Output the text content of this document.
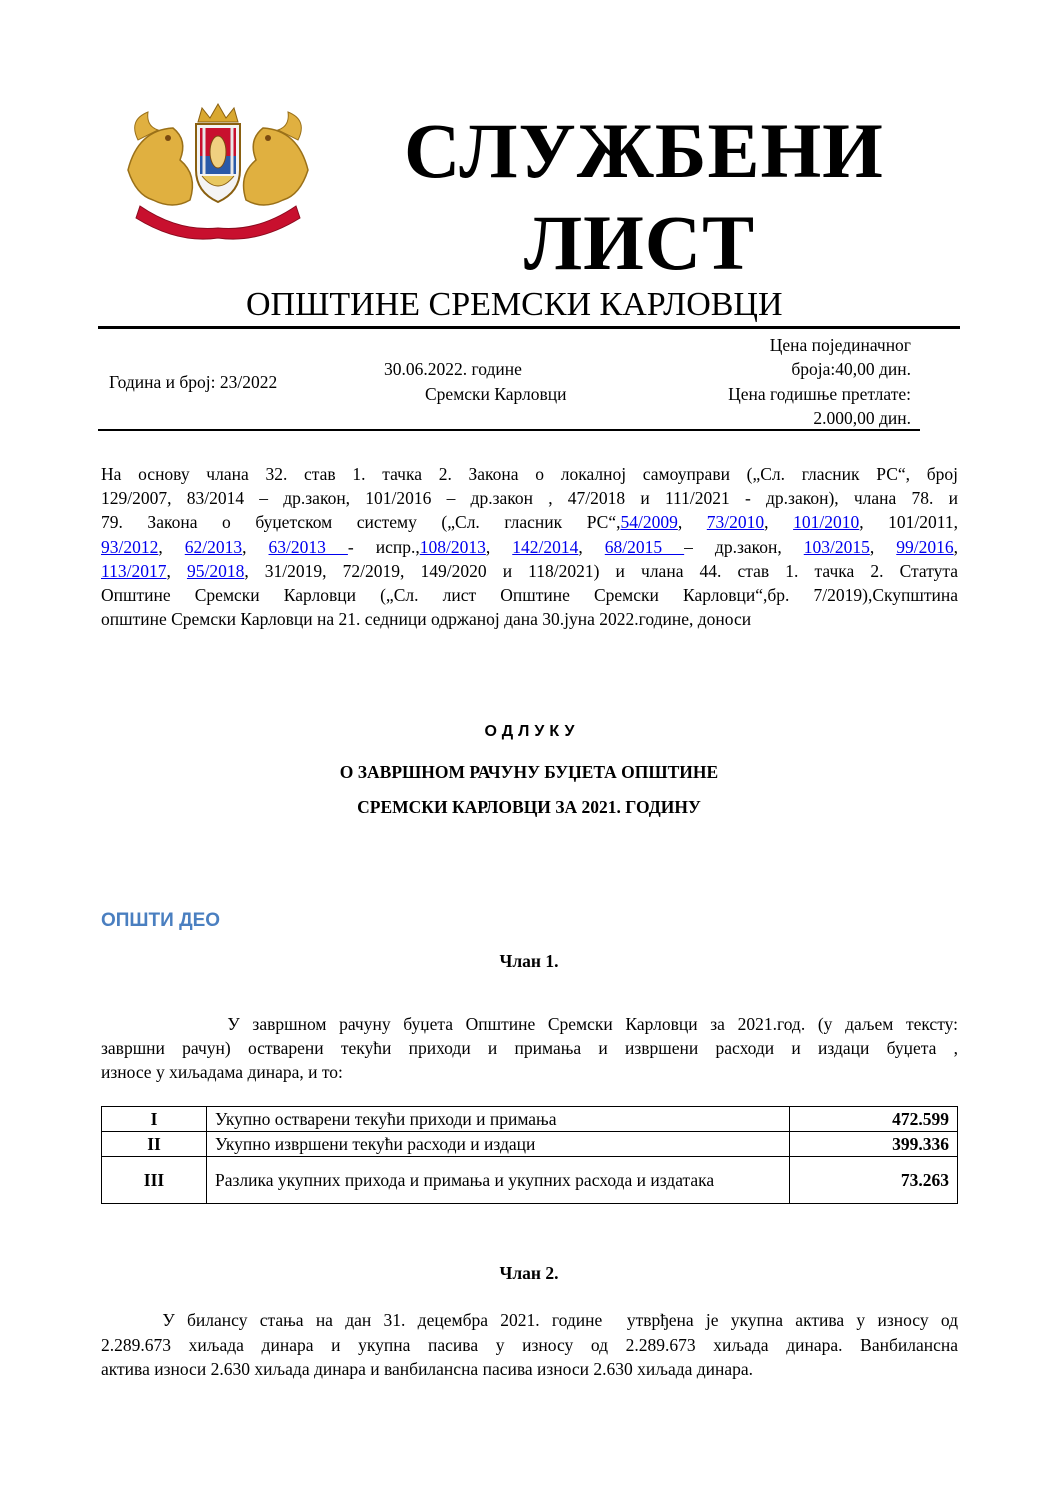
СЛУЖБЕНИ
ЛИСТ
ОПШТИНЕ СРЕМСКИ КАРЛОВЦИ
Година и број: 23/2022
30.06.2022. године
Сремски Карловци
Цена појединачног
броја:40,00 дин.
Цена годишње претлате:
2.000,00 дин.
На основу члана 32. став 1. тачка 2. Закона о локалној самоуправи („Сл. гласник РС“, број
129/2007, 83/2014 – др.закон, 101/2016 – др.закон , 47/2018 и 111/2021 - др.закон), члана 78. и
79. Закона о буџетском систему („Сл. гласник РС“,54/2009, 73/2010, 101/2010, 101/2011,
93/2012, 62/2013, 63/2013 - испр.,108/2013, 142/2014, 68/2015 – др.закон, 103/2015, 99/2016,
113/2017, 95/2018, 31/2019, 72/2019, 149/2020 и 118/2021) и члана 44. став 1. тачка 2. Статута
Општине Сремски Карловци („Сл. лист Општине Сремски Карловци“,бр. 7/2019),Скупштина
општине Сремски Карловци на 21. седници одржаној дана 30.јуна 2022.године, доноси
ОДЛУКУ
О ЗАВРШНОМ РАЧУНУ БУЏЕТА ОПШТИНЕ
СРЕМСКИ КАРЛОВЦИ ЗА 2021. ГОДИНУ
ОПШТИ ДЕО
Члан 1.
У завршном рачуну буџета Општине Сремски Карловци за 2021.год. (у даљем тексту:
завршни рачун) остварени текући приходи и примања и извршени расходи и издаци буџета ,
износе у хиљадама динара, и то:
I	Укупно остварени текући приходи и примања	472.599
II	Укупно извршени текући расходи и издаци	399.336
III	Разлика укупних прихода и примања и укупних расхода и издатака	73.263
Члан 2.
У билансу стања на дан 31. децембра 2021. године  утврђена је укупна актива у износу од
2.289.673 хиљада динара и укупна пасива у износу од 2.289.673 хиљада динара. Ванбилансна
актива износи 2.630 хиљада динара и ванбилансна пасива износи 2.630 хиљада динара.
